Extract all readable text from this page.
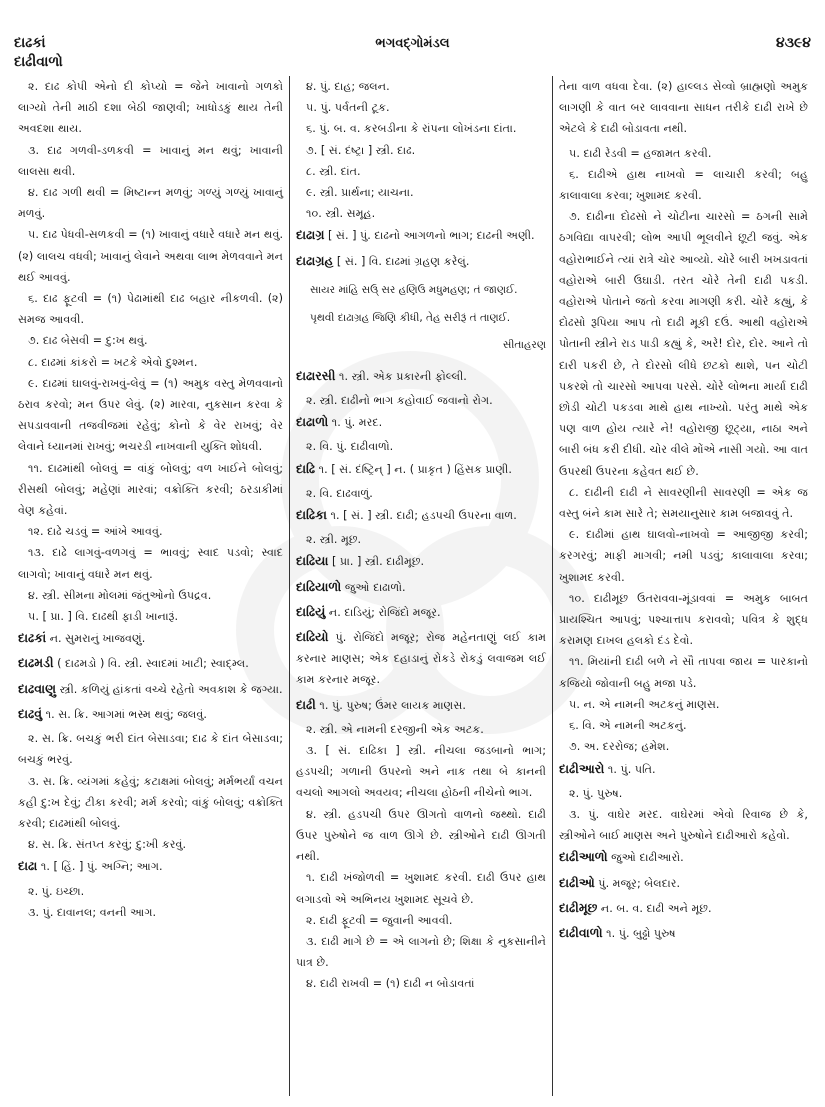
દાઢકાં	ભગવદ્ગોમંડલ	૪૩૯૪
દાઢીવાળો

૨. દાઢ કોપી એનો દી કોપ્યો = જેને ખાવાનો ગળકો લાગ્યો તેની માઠી દશા બેઠી જાણવી; ખાધોડકું થાય તેની અવદશા થાય.

૩. દાઢ ગળવી-ડળકવી = ખાવાનું મન થવું; ખાવાની લાલસા થવી.

૪. દાઢ ગળી થવી = મિષ્ટાન્ન મળવું; ગળ્યું ગળ્યું ખાવાનું મળવું.

૫. દાઢ પેધવી-સળકવી = (૧) ખાવાનું વધારે વધારે મન થવું. (૨) લાલચ વધવી; ખાવાનું લેવાને અથવા લાભ મેળવવાને મન થઈ આવવું.

૬. દાઢ ફૂટવી = (૧) પેઢામાંથી દાઢ બહાર નીકળવી. (૨) સમજ આવવી.

૭. દાઢ બેસવી = દુ:ખ થવું.

૮. દાઢમાં કાંકરો = ખટકે એવો દુશ્મન.

૯. દાઢમાં ઘાલવું-રાખવું-લેવું = (૧) અમુક વસ્તુ મેળવવાનો ઠરાવ કરવો; મન ઉપર લેવું. (૨) મારવા, નુકસાન કરવા કે સપડાવવાની તજવીજમાં રહેવું; કોનો કે વેર રાખવું; વેર લેવાને ધ્યાનમાં રાખવું; ભચરડી નાખવાની યુક્તિ શોધવી.

૧૧. દાઢમાંથી બોલવું = વાંકું બોલવું; વળ ખાઈને બોલવું; રીસથી બોલવું; મહેણાં મારવાં; વક્રોક્તિ કરવી; ઠરડાકીમાં વેણ કહેવાં.

૧૨. દાઢે ચડવું = આંખે આવવું.

૧૩. દાઢે લાગવું-વળગવું = ભાવવું; સ્વાદ પડવો; સ્વાદ લાગવો; ખાવાનું વધારે મન થવું.

૪. સ્ત્રી. સીમના મોલમાં જંતુઓનો ઉપદ્રવ.

૫. [ પ્રા. ] વિ. દાઢથી ફાડી ખાનારૂં.

દાઢકાં ન. સુમરાનું ખાજવણું.

દાઢમડી ( દાઢમડો ) વિ. સ્ત્રી. સ્વાદમાં ખાટી; સ્વાદ્મ્લ.

દાઢવાણુ સ્ત્રી. કળિયું હાંકતાં વચ્ચે રહેતો અવકાશ કે જગ્યા.

દાઢવું ૧. સ. ક્રિ. આગમાં ભસ્મ થવું; જલવું.

૨. સ. ક્રિ. બચકું ભરી દાંત બેસાડવા; દાઢ કે દાંત બેસાડવા; બચકું ભરવું.

૩. સ. ક્રિ. વ્યંગમાં કહેવું; કટાક્ષમાં બોલવું; મર્મભર્યાં વચન કહી દુ:ખ દેવું; ટીકા કરવી; મર્મ કરવો; વાંકું બોલવું; વક્રોક્તિ કરવી; દાઢમાંથી બોલવું.

૪. સ. ક્રિ. સંતપ્ત કરવું; દુ:ખી કરવું.

દાઢા ૧. [ હિં. ] પું. અગ્નિ; આગ.

૨. પું. ઇચ્છા.

૩. પું. દાવાનલ; વનની આગ.

૪. પું. દાહ; જલન.

૫. પું. પર્વતની ટૂક.

૬. પું. બ. વ. કરબડીના કે રાંપના લોખંડના દાંતા.

૭. [ સં. દંષ્ટ્રા ] સ્ત્રી. દાઢ.

૮. સ્ત્રી. દાંત.

૯. સ્ત્રી. પ્રાર્થના; યાચના.

૧૦. સ્ત્રી. સમૂહ.

દાઢાગ્ર [ સં. ] પું. દાઢનો આગળનો ભાગ; દાઢની અણી.

દાઢાગ્રહ [ સં. ] વિ. દાઢમાં ગ્રહણ કરેલું.

સાયર માંહિ સઉ્ સર હણિઉ મધુમહણ; તં જાણઈ.

પૃથવી દાઢાગ્રહ જિણિ કીધી, તેહ સરીરૂં તં તાણઈ.

સીતાહરણ

દાઢારસી ૧. સ્ત્રી. એક પ્રકારની ફોલ્લી.

૨. સ્ત્રી. દાઢીનો ભાગ કહોવાઈ જવાનો રોગ.

દાઢાળો ૧. પું. મરદ.

૨. વિ. પું. દાઢીવાળો.

દાઢિ ૧. [ સં. દંષ્ટ્રિન્ ] ન. ( પ્રાકૃત ) હિંસક પ્રાણી.

૨. વિ. દાઢવાળું.

દાઢિકા ૧. [ સં. ] સ્ત્રી. દાઢી; હડપચી ઉપરના વાળ.

૨. સ્ત્રી. મૂછ.

દાઢિયા [ પ્રા. ] સ્ત્રી. દાઢીમૂછ.

દાઢિયાળો જુઓ દાઢાળો.

દાઢિયું ન. દાડિયું; રોજિંદો મજૂર.

દાઢિયો પું. રોજિંદો મજૂર; રોજ મહેનતાણું લઈ કામ કરનાર માણસ; એક દહાડાનું રોકડે રોકડું લવાજમ લઈ કામ કરનાર મજૂર.

દાઢી ૧. પું. પુરુષ; ઉંમર લાયક માણસ.

૨. સ્ત્રી. એ નામની દરજીની એક અટક.

૩. [ સં. દાઢિકા ] સ્ત્રી. નીચલા જડબાનો ભાગ; હડપચી; ગળાની ઉપરનો અને નાક તથા બે કાનની વચલો આગલો અવયવ; નીચલા હોઠની નીચેનો ભાગ.

૪. સ્ત્રી. હડપચી ઉપર ઊગતો વાળનો જથ્થો. દાઢી ઉપર પુરુષોને જ વાળ ઊગે છે. સ્ત્રીઓને દાઢી ઊગતી નથી.

૧. દાઢી ખંજોળવી = ખુશામદ કરવી. દાઢી ઉપર હાથ લગાડવો એ અભિનય ખુશામદ સૂચવે છે.

૨. દાઢી ફૂટવી = જુવાની આવવી.

૩. દાઢી માગે છે = એ લાગનો છે; શિક્ષા કે નુકસાનીને પાત્ર છે.

૪. દાઢી રાખવી = (૧) દાઢી ન બોડાવતાં

તેના વાળ વધવા દેવા. (૨) હાલ્લડ સેવ્વો બ્રાહ્મણો અમુક લાગણી કે વાત બર લાવવાના સાધન તરીકે દાઢી રાખે છે એટલે કે દાઢી બોડાવતા નથી.

૫. દાઢી રેડવી = હજામત કરવી.

૬. દાઢીએ હાથ નાખવો = લાચારી કરવી; બહુ કાલાવાલા કરવા; ખુશામદ કરવી.

૭. દાઢીના દોઢસો ને ચોટીના ચારસો = ઠગની સામે ઠગવિદ્યા વાપરવી; લોભ આપી ભૂલવીને છૂટી જવું. એક વહોરાભાઈને ત્યાં રાત્રે ચોર આવ્યો. ચોરે બારી ખખડાવતાં વહોરાએ બારી ઉઘાડી. તરત ચોરે તેની દાઢી પકડી. વહોરાએ પોતાને જતો કરવા માગણી કરી. ચોરે કહ્યું, કે દોઢસો રૂપિયા આપ તો દાઢી મૂકી દઉં. આથી વહોરાએ પોતાની સ્ત્રીને રાડ પાડી કહ્યું કે, અરે! દોર, દોર. આને તો દારી પકરી છે, તે દોરસો લીધે છટકો થાશે, પન ચોટી પકરશે તો ચારસો આપવા પરસે. ચોરે લોભના માર્યા દાઢી છોડી ચોટી પકડવા માથે હાથ નાખ્યો. પરંતુ માથે એક પણ વાળ હોય ત્યારે ને! વહોરાજી છૂટ્યા, નાઠા અને બારી બંધ કરી દીધી. ચોર વીલે મોંએ નાસી ગયો. આ વાત ઉપરથી ઉપરના કહેવત થઈ છે.

૮. દાઢીની દાઢી ને સાવરણીની સાવરણી = એક જ વસ્તુ બંને કામ સારે તે; સમયાનુસાર કામ બજાવવું તે.

૯. દાઢીમાં હાથ ઘાલવો-નાખવો = આજીજી કરવી; કરગરવું; માફી માગવી; નમી પડવું; કાલાવાલા કરવા; ખુશામદ કરવી.

૧૦. દાઢીમૂછ ઉતરાવવા-મૂંડાવવાં = અમુક બાબત પ્રાયશ્ચિત આપવું; પશ્ચાત્તાપ કરાવવો; પવિત્ર કે શુદ્ધ કરામણ દાખલ હલકો દંડ દેવો.

૧૧. મિયાંની દાઢી બળે ને સૌ તાપવા જાય = પારકાનો કજિયો જોવાની બહુ મજા પડે.

૫. ન. એ નામની અટકનું માણસ.

૬. વિ. એ નામની અટકનું.

૭. અ. દરરોજ; હમેશ.

દાઢીઆરો ૧. પું. પતિ.

૨. પું. પુરુષ.

૩. પું. વાઘેર મરદ. વાઘેરમાં એવો રિવાજ છે કે, સ્ત્રીઓને બાઈ માણસ અને પુરુષોને દાઢીઆરો કહેવો.

દાઢીઆળો જુઓ દાઢીઆરો.

દાઢીઓ પું. મજૂર; બેલદાર.

દાઢીમૂછ ન. બ. વ. દાઢી અને મૂછ.

દાઢીવાળો ૧. પું. બુઢ્ઢો પુરુષ
